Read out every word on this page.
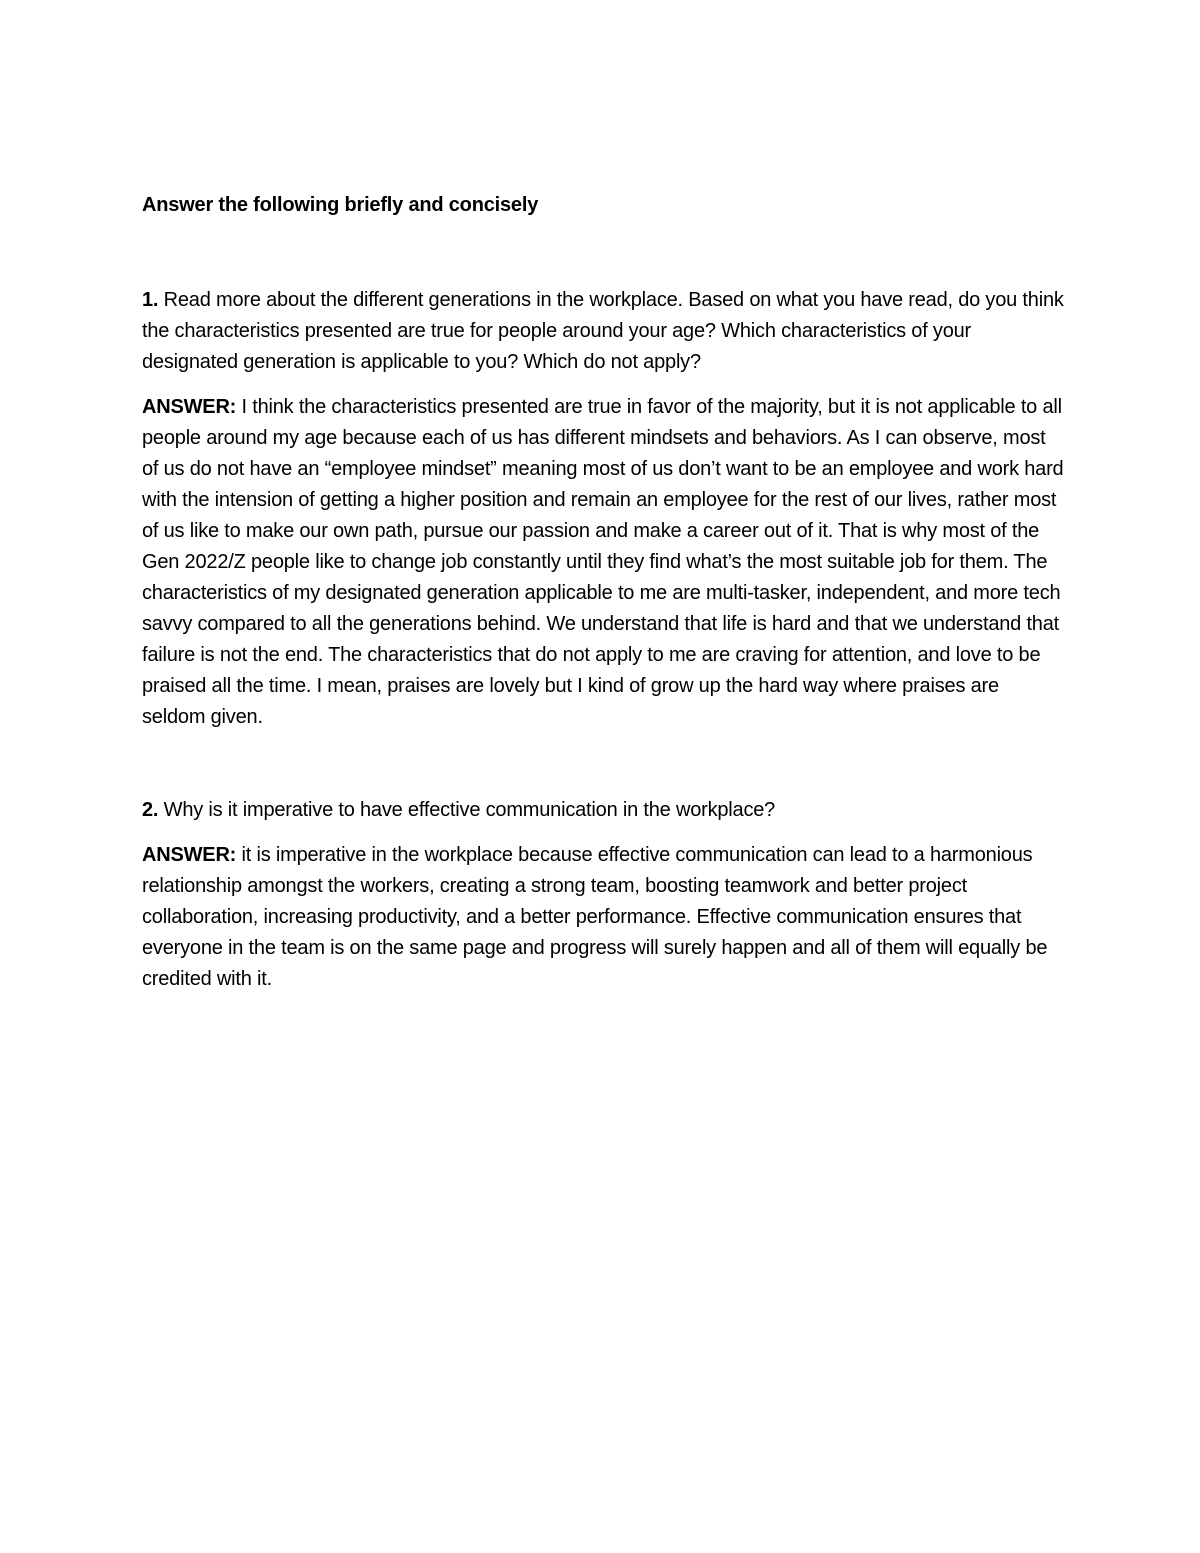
Answer the following briefly and concisely

1. Read more about the different generations in the workplace. Based on what you have read, do you think the characteristics presented are true for people around your age? Which characteristics of your designated generation is applicable to you? Which do not apply?

ANSWER: I think the characteristics presented are true in favor of the majority, but it is not applicable to all people around my age because each of us has different mindsets and behaviors. As I can observe, most of us do not have an “employee mindset” meaning most of us don’t want to be an employee and work hard with the intension of getting a higher position and remain an employee for the rest of our lives, rather most of us like to make our own path, pursue our passion and make a career out of it. That is why most of the Gen 2022/Z people like to change job constantly until they find what’s the most suitable job for them. The characteristics of my designated generation applicable to me are multi-tasker, independent, and more tech savvy compared to all the generations behind. We understand that life is hard and that we understand that failure is not the end. The characteristics that do not apply to me are craving for attention, and love to be praised all the time. I mean, praises are lovely but I kind of grow up the hard way where praises are seldom given.

2. Why is it imperative to have effective communication in the workplace?

ANSWER: it is imperative in the workplace because effective communication can lead to a harmonious relationship amongst the workers, creating a strong team, boosting teamwork and better project collaboration, increasing productivity, and a better performance. Effective communication ensures that everyone in the team is on the same page and progress will surely happen and all of them will equally be credited with it.
